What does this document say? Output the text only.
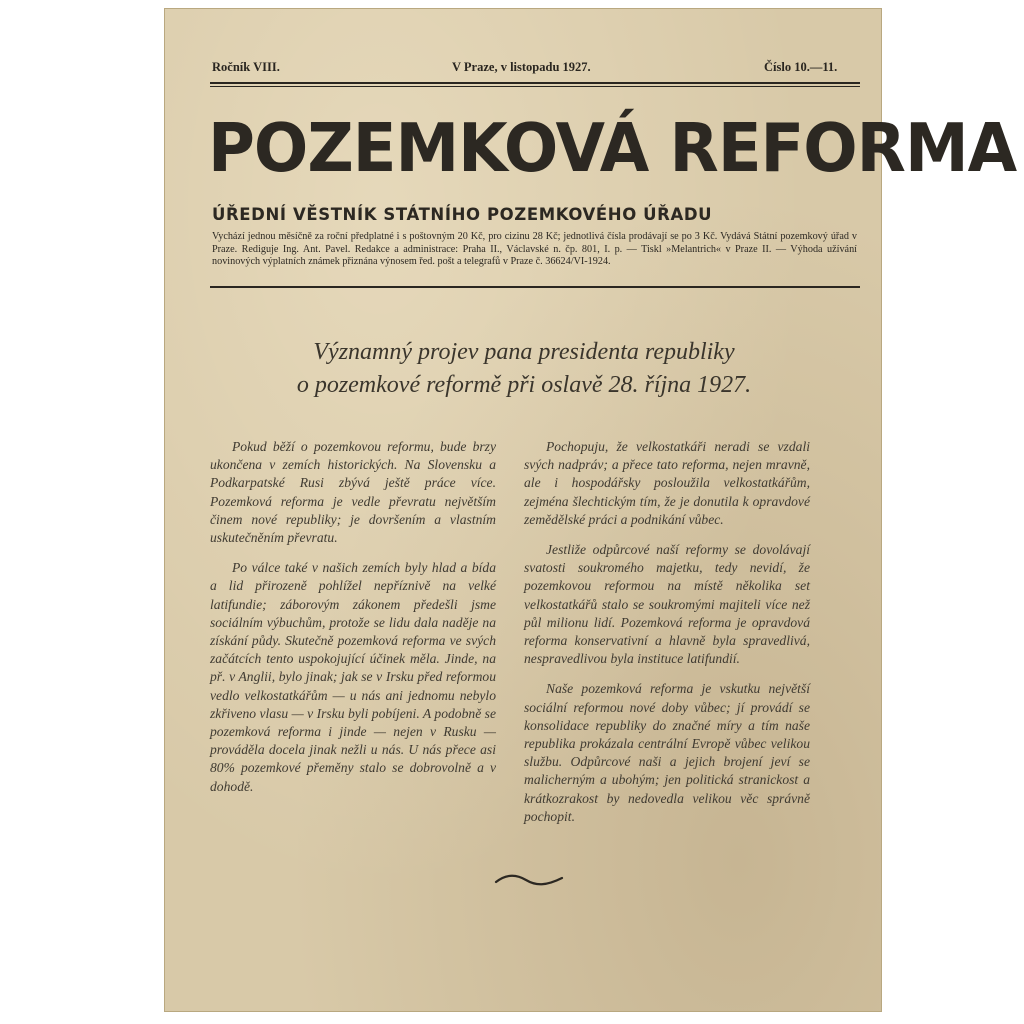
Ročník VIII.	V Praze, v listopadu 1927.	Číslo 10.—11.
POZEMKOVÁ REFORMA
ÚŘEDNÍ VĚSTNÍK STÁTNÍHO POZEMKOVÉHO ÚŘADU
Vychází jednou měsíčně za roční předplatné i s poštovným 20 Kč, pro cizinu 28 Kč; jednotlivá čísla prodávají se po 3 Kč. Vydává Státní pozemkový úřad v Praze. Rediguje Ing. Ant. Pavel. Redakce a administrace: Praha II., Václavské n. čp. 801, I. p. — Tiskl »Melantrich« v Praze II. — Výhoda užívání novinových výplatních známek přiznána výnosem řed. pošt a telegrafů v Praze č. 36624/VI-1924.
Významný projev pana presidenta republiky
o pozemkové reformě při oslavě 28. října 1927.

Pokud běží o pozemkovou reformu, bude brzy ukončena v zemích historických. Na Slovensku a Podkarpatské Rusi zbývá ještě práce více. Pozemková reforma je vedle převratu největším činem nové republiky; je dovršením a vlastním uskutečněním převratu.

Po válce také v našich zemích byly hlad a bída a lid přirozeně pohlížel nepříznivě na velké latifundie; záborovým zákonem předešli jsme sociálním výbuchům, protože se lidu dala naděje na získání půdy. Skutečně pozemková reforma ve svých začátcích tento uspokojující účinek měla. Jinde, na př. v Anglii, bylo jinak; jak se v Irsku před reformou vedlo velkostatkářům — u nás ani jednomu nebylo zkřiveno vlasu — v Irsku byli pobíjeni. A podobně se pozemková reforma i jinde — nejen v Rusku — prováděla docela jinak nežli u nás. U nás přece asi 80% pozemkové přeměny stalo se dobrovolně a v dohodě.

Pochopuju, že velkostatkáři neradi se vzdali svých nadpráv; a přece tato reforma, nejen mravně, ale i hospodářsky posloužila velkostatkářům, zejména šlechtickým tím, že je donutila k opravdové zemědělské práci a podnikání vůbec.

Jestliže odpůrcové naší reformy se dovolávají svatosti soukromého majetku, tedy nevidí, že pozemkovou reformou na místě několika set velkostatkářů stalo se soukromými majiteli více než půl milionu lidí. Pozemková reforma je opravdová reforma konservativní a hlavně byla spravedlivá, nespravedlivou byla instituce latifundií.

Naše pozemková reforma je vskutku největší sociální reformou nové doby vůbec; jí provádí se konsolidace republiky do značné míry a tím naše republika prokázala centrální Evropě vůbec velikou službu. Odpůrcové naši a jejich brojení jeví se malicherným a ubohým; jen politická stranickost a krátkozrakost by nedovedla velikou věc správně pochopit.
